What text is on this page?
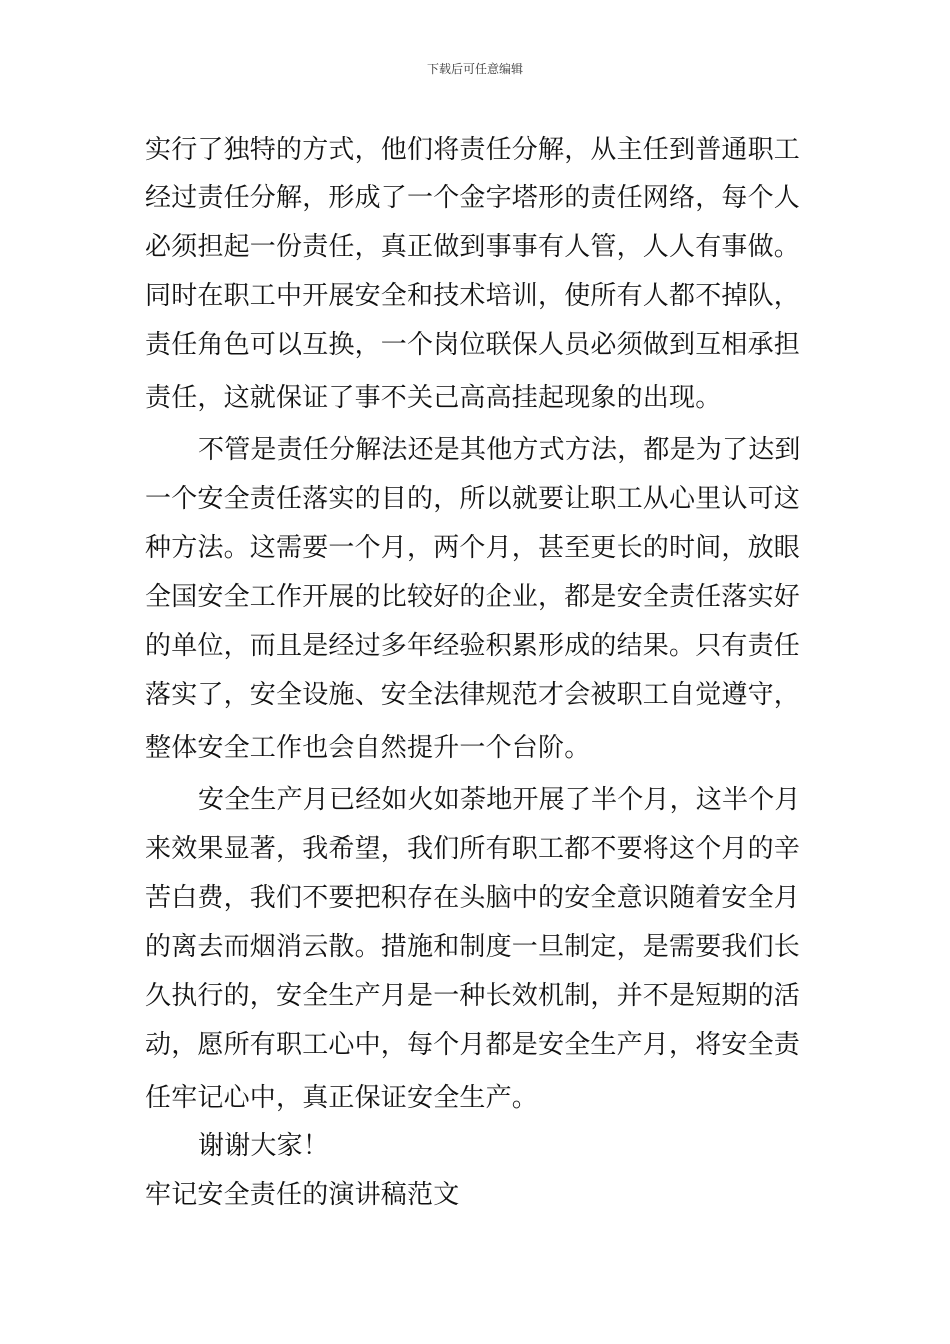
下载后可任意编辑
实行了独特的方式，他们将责任分解，从主任到普通职工
经过责任分解，形成了一个金字塔形的责任网络，每个人
必须担起一份责任，真正做到事事有人管，人人有事做。
同时在职工中开展安全和技术培训，使所有人都不掉队，
责任角色可以互换，一个岗位联保人员必须做到互相承担
责任，这就保证了事不关己高高挂起现象的出现。
不管是责任分解法还是其他方式方法，都是为了达到
一个安全责任落实的目的，所以就要让职工从心里认可这
种方法。这需要一个月，两个月，甚至更长的时间，放眼
全国安全工作开展的比较好的企业，都是安全责任落实好
的单位，而且是经过多年经验积累形成的结果。只有责任
落实了，安全设施、安全法律规范才会被职工自觉遵守，
整体安全工作也会自然提升一个台阶。
安全生产月已经如火如荼地开展了半个月，这半个月
来效果显著，我希望，我们所有职工都不要将这个月的辛
苦白费，我们不要把积存在头脑中的安全意识随着安全月
的离去而烟消云散。措施和制度一旦制定，是需要我们长
久执行的，安全生产月是一种长效机制，并不是短期的活
动，愿所有职工心中，每个月都是安全生产月，将安全责
任牢记心中，真正保证安全生产。
谢谢大家！
牢记安全责任的演讲稿范文
